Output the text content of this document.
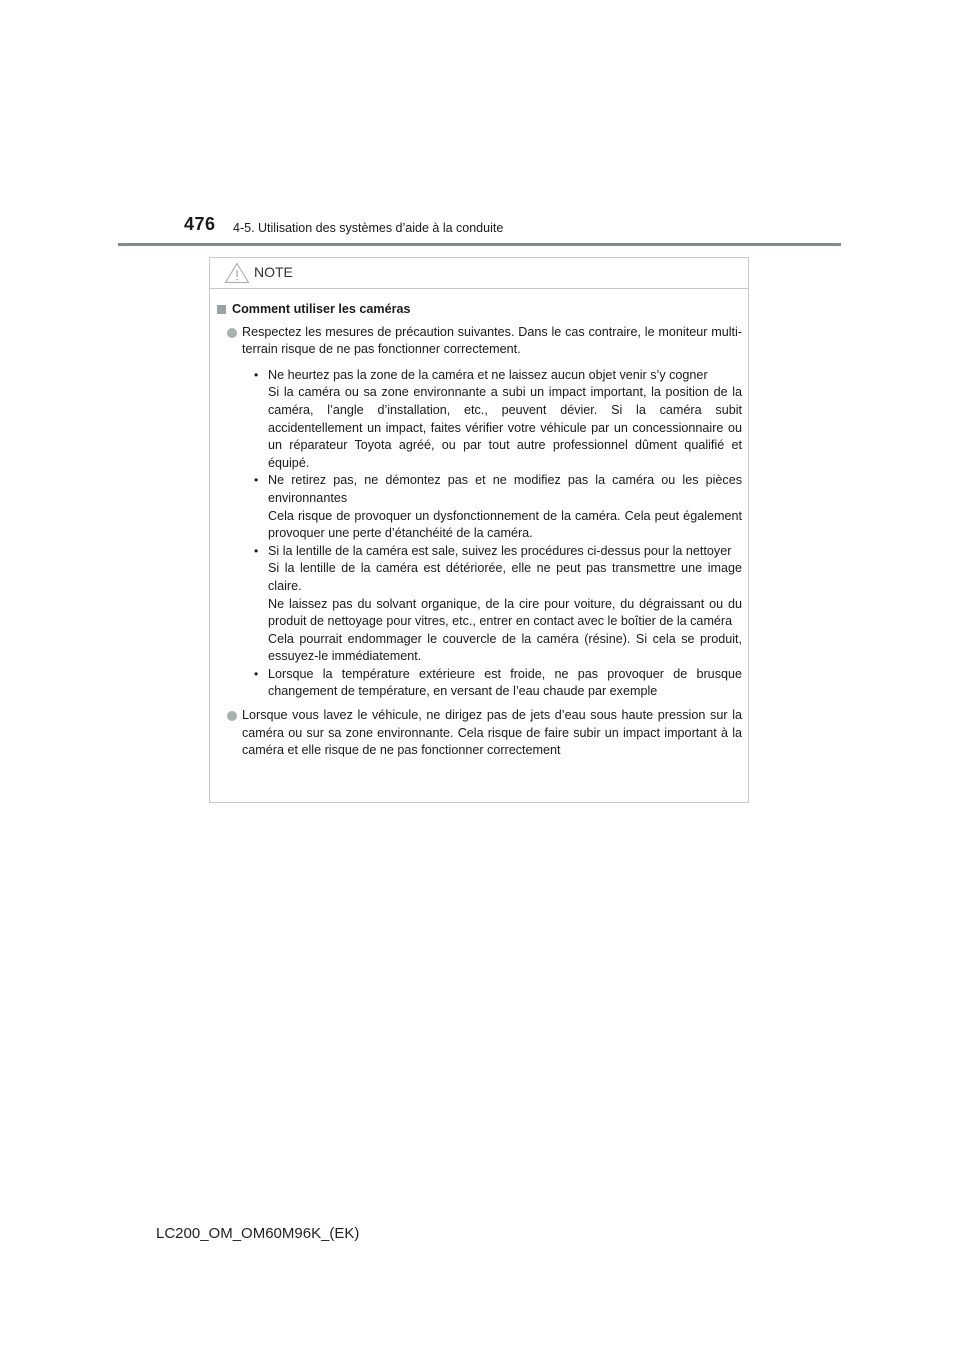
476 4-5. Utilisation des systèmes d’aide à la conduite
NOTE
Comment utiliser les caméras
Respectez les mesures de précaution suivantes. Dans le cas contraire, le moniteur multi-terrain risque de ne pas fonctionner correctement.
• Ne heurtez pas la zone de la caméra et ne laissez aucun objet venir s’y cogner

Si la caméra ou sa zone environnante a subi un impact important, la position de la caméra, l’angle d’installation, etc., peuvent dévier. Si la caméra subit accidentellement un impact, faites vérifier votre véhicule par un concessionnaire ou un réparateur Toyota agréé, ou par tout autre professionnel dûment qualifié et équipé.

• Ne retirez pas, ne démontez pas et ne modifiez pas la caméra ou les pièces environnantes

Cela risque de provoquer un dysfonctionnement de la caméra. Cela peut également provoquer une perte d’étanchéité de la caméra.

• Si la lentille de la caméra est sale, suivez les procédures ci-dessus pour la nettoyer

Si la lentille de la caméra est détériorée, elle ne peut pas transmettre une image claire.

Ne laissez pas du solvant organique, de la cire pour voiture, du dégraissant ou du produit de nettoyage pour vitres, etc., entrer en contact avec le boîtier de la caméra

Cela pourrait endommager le couvercle de la caméra (résine). Si cela se produit, essuyez-le immédiatement.

• Lorsque la température extérieure est froide, ne pas provoquer de brusque changement de température, en versant de l’eau chaude par exemple

Lorsque vous lavez le véhicule, ne dirigez pas de jets d’eau sous haute pression sur la caméra ou sur sa zone environnante. Cela risque de faire subir un impact important à la caméra et elle risque de ne pas fonctionner correctement
LC200_OM_OM60M96K_(EK)
